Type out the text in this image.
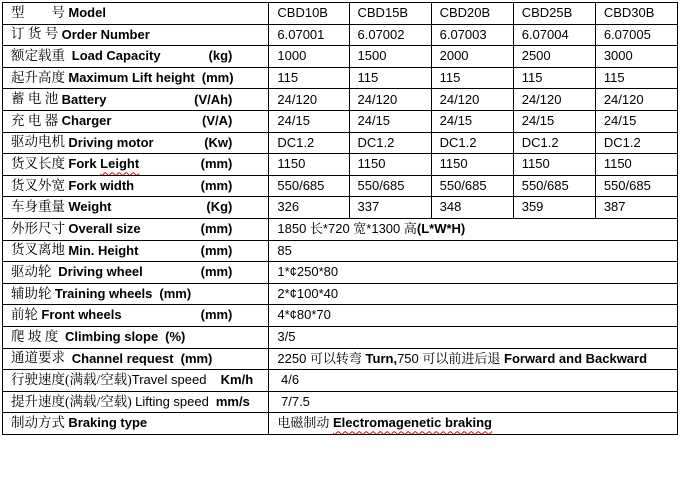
型　　号 Model	CBD10B	CBD15B	CBD20B	CBD25B	CBD30B

订 货 号 Order Number	6.07001	6.07002	6.07003	6.07004	6.07005

额定载重 Load Capacity (kg)	1000	1500	2000	2500	3000

起升高度 Maximum Lift height (mm)	115	115	115	115	115

蓄 电 池 Battery (V/Ah)	24/120	24/120	24/120	24/120	24/120

充 电 器 Charger (V/A)	24/15	24/15	24/15	24/15	24/15

驱动电机 Driving motor (Kw)	DC1.2	DC1.2	DC1.2	DC1.2	DC1.2

货叉长度 Fork Leight (mm)	1150	1150	1150	1150	1150

货叉外宽 Fork width (mm)	550/685	550/685	550/685	550/685	550/685

车身重量 Weight (Kg)	326	337	348	359	387

外形尺寸 Overall size (mm)	1850 长*720 宽*1300 高(L*W*H)				

货叉离地 Min. Height (mm)	85				

驱动轮 Driving wheel (mm)	1*¢250*80				

辅助轮 Training wheels (mm)	2*¢100*40				

前轮 Front wheels (mm)	4*¢80*70				

爬 坡 度 Climbing slope (%)	3/5				

通道要求 Channel request (mm)	2250 可以转弯 Turn,750 可以前进后退 Forward and Backward				

行驶速度(满载/空载) Travel speed Km/h	4/6				

提升速度(满载/空载) Lifting speed mm/s	7/7.5				

制动方式 Braking type	电磁制动 Electromagenetic braking				
